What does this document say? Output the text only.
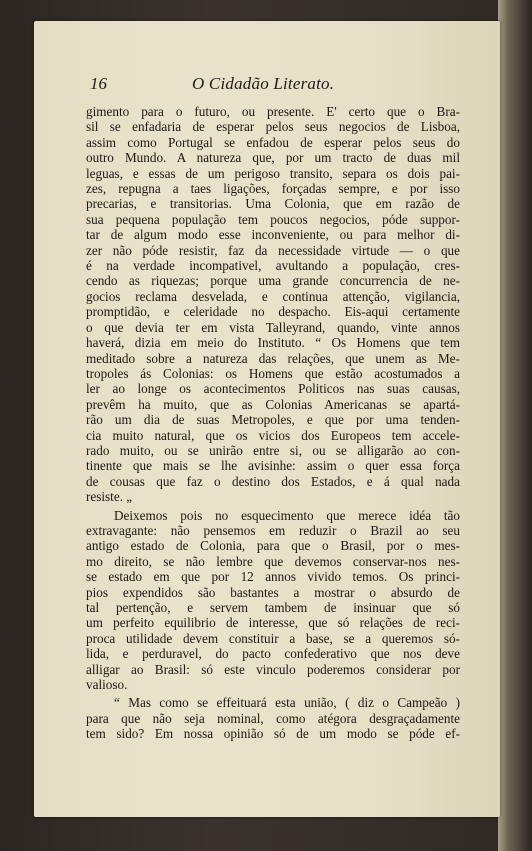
16	O Cidadão Literato.
gimento para o futuro, ou presente. E' certo que o Bra-
sil se enfadaria de esperar pelos seus negocios de Lisboa,
assim como Portugal se enfadou de esperar pelos seus do
outro Mundo. A natureza que, por um tracto de duas mil
leguas, e essas de um perigoso transito, separa os dois pai-
zes, repugna a taes ligações, forçadas sempre, e por isso
precarias, e transitorias. Uma Colonia, que em razão de
sua pequena população tem poucos negocios, póde suppor-
tar de algum modo esse inconveniente, ou para melhor di-
zer não póde resistir, faz da necessidade virtude — o que
é na verdade incompativel, avultando a população, cres-
cendo as riquezas; porque uma grande concurrencia de ne-
gocios reclama desvelada, e continua attenção, vigilancia,
promptidão, e celeridade no despacho. Eis-aqui certamente
o que devia ter em vista Talleyrand, quando, vinte annos
haverá, dizia em meio do Instituto. “ Os Homens que tem
meditado sobre a natureza das relações, que unem as Me-
tropoles ás Colonias: os Homens que estão acostumados a
ler ao longe os acontecimentos Politicos nas suas causas,
prevêm ha muito, que as Colonias Americanas se apartá-
rão um dia de suas Metropoles, e que por uma tenden-
cia muito natural, que os vicios dos Europeos tem accele-
rado muito, ou se unirão entre si, ou se alligarão ao con-
tinente que mais se lhe avisinhe: assim o quer essa força
de cousas que faz o destino dos Estados, e á qual nada
resiste. „
Deixemos pois no esquecimento que merece idéa tão
extravagante: não pensemos em reduzir o Brazil ao seu
antigo estado de Colonia, para que o Brasil, por o mes-
mo direito, se não lembre que devemos conservar-nos nes-
se estado em que por 12 annos vivido temos. Os princi-
pios expendidos são bastantes a mostrar o absurdo de
tal pertenção, e servem tambem de insinuar que só
um perfeito equilibrio de interesse, que só relações de reci-
proca utilidade devem constituir a base, se a queremos só-
lida, e perduravel, do pacto confederativo que nos deve
alligar ao Brasil: só este vinculo poderemos considerar por
valioso.
“ Mas como se effeituará esta união, ( diz o Campeão )
para que não seja nominal, como atégora desgraçadamente
tem sido? Em nossa opinião só de um modo se póde ef-
